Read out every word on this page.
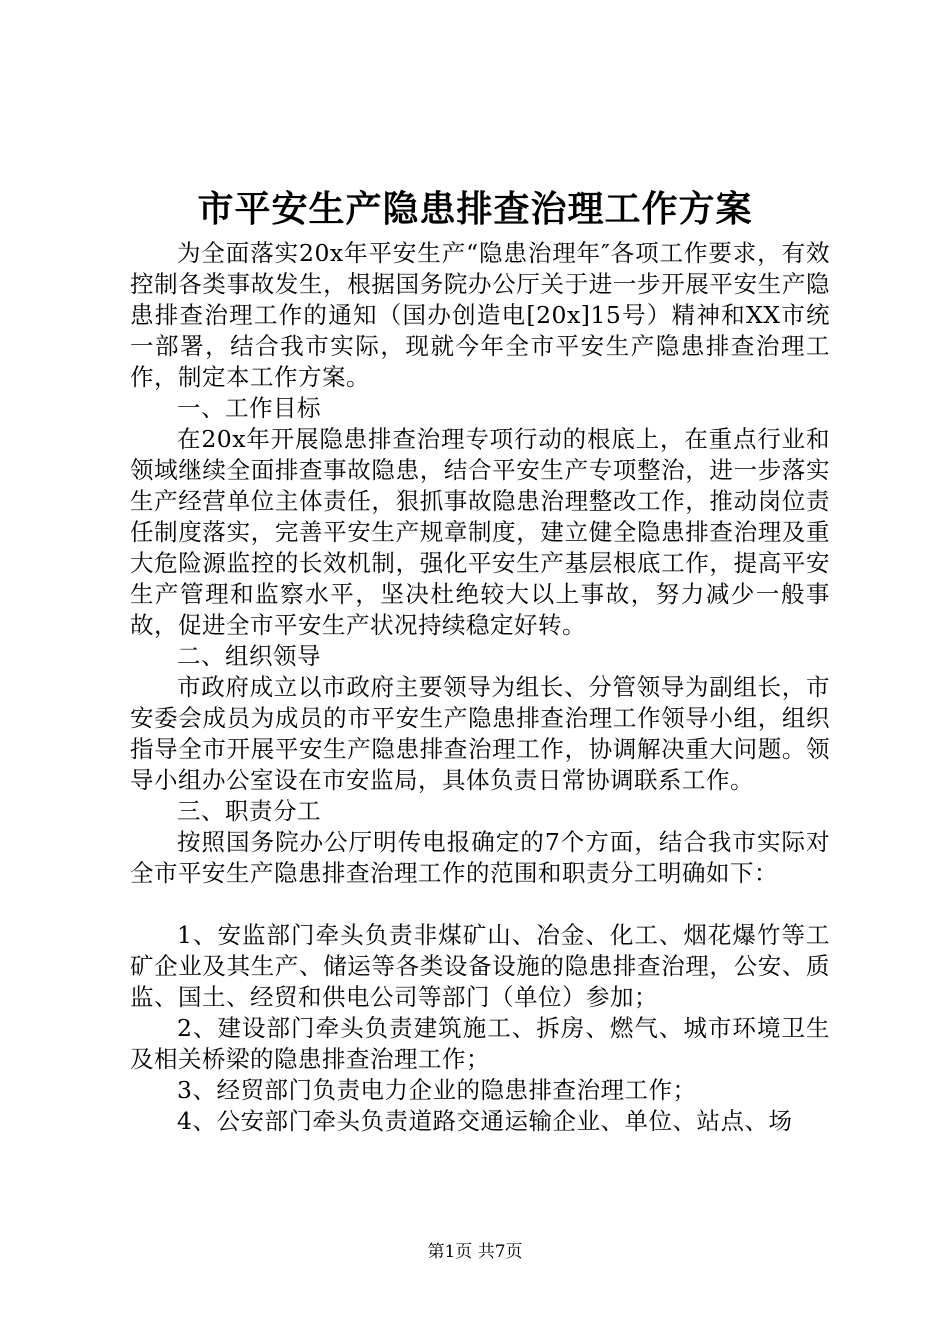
市平安生产隐患排查治理工作方案

为全面落实20x年平安生产“隐患治理年″各项工作要求，有效控制各类事故发生，根据国务院办公厅关于进一步开展平安生产隐患排查治理工作的通知（国办创造电[20x]15号）精神和XX市统一部署，结合我市实际，现就今年全市平安生产隐患排查治理工作，制定本工作方案。

一、工作目标

在20x年开展隐患排查治理专项行动的根底上，在重点行业和领域继续全面排查事故隐患，结合平安生产专项整治，进一步落实生产经营单位主体责任，狠抓事故隐患治理整改工作，推动岗位责任制度落实，完善平安生产规章制度，建立健全隐患排查治理及重大危险源监控的长效机制，强化平安生产基层根底工作，提高平安生产管理和监察水平，坚决杜绝较大以上事故，努力减少一般事故，促进全市平安生产状况持续稳定好转。

二、组织领导

市政府成立以市政府主要领导为组长、分管领导为副组长，市安委会成员为成员的市平安生产隐患排查治理工作领导小组，组织指导全市开展平安生产隐患排查治理工作，协调解决重大问题。领导小组办公室设在市安监局，具体负责日常协调联系工作。

三、职责分工

按照国务院办公厅明传电报确定的7个方面，结合我市实际对全市平安生产隐患排查治理工作的范围和职责分工明确如下：

1、安监部门牵头负责非煤矿山、冶金、化工、烟花爆竹等工矿企业及其生产、储运等各类设备设施的隐患排查治理，公安、质监、国土、经贸和供电公司等部门（单位）参加；

2、建设部门牵头负责建筑施工、拆房、燃气、城市环境卫生及相关桥梁的隐患排查治理工作；

3、经贸部门负责电力企业的隐患排查治理工作；

4、公安部门牵头负责道路交通运输企业、单位、站点、场

第1页 共7页
